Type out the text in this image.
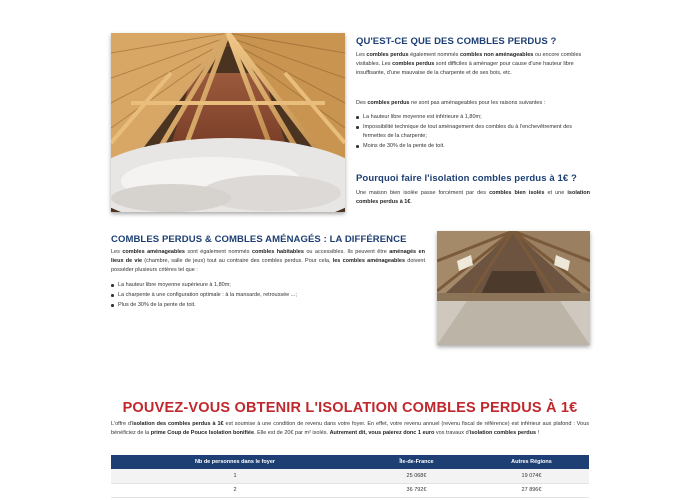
QU'EST-CE QUE DES COMBLES PERDUS ?

Les combles perdus également nommés combles non aménageables ou encore combles visitables. Les combles perdus sont difficiles à aménager pour cause d'une hauteur libre insuffisante, d'une mauvaise de la charpente et de ses bois, etc.

Des combles perdus ne sont pas aménageables pour les raisons suivantes :

La hauteur libre moyenne est inférieure à 1,80m;
Impossibilité technique de tout aménagement des combles du à l'enchevêtrement des fermettes de la charpente;
Moins de 30% de la pente de toit.
Pourquoi faire l'isolation combles perdus à 1€ ?

Une maison bien isolée passe forcément par des combles bien isolés et une isolation combles perdus à 1€.

COMBLES PERDUS & COMBLES AMÉNAGÉS : LA DIFFÉRENCE

Les combles aménageables sont également nommés combles habitables ou accessibles. Ils peuvent être aménagés en lieux de vie (chambre, salle de jeux) tout au contraire des combles perdus. Pour cela, les combles aménageables doivent posséder plusieurs critères tel que :

La hauteur libre moyenne supérieure à 1,80m;
La charpente à une configuration optimale : à la mansarde, retroussée ...;
Plus de 30% de la pente de toit.
POUVEZ-VOUS OBTENIR L'ISOLATION COMBLES PERDUS À 1€

L'offre d'isolation des combles perdus à 1€ est soumise à une condition de revenu dans votre foyer. En effet, votre revenu annuel (revenu fiscal de référence) est inférieur aux plafond : Vous bénéficiez de la prime Coup de Pouce Isolation bonifiée. Elle est de 20€ par m² isolés. Autrement dit, vous paierez donc 1 euro vos travaux d'isolation combles perdus !

Nb de personnes dans le foyer	Île-de-France	Autres Régions
1	25 068€	19 074€
2	36 792€	27 896€
